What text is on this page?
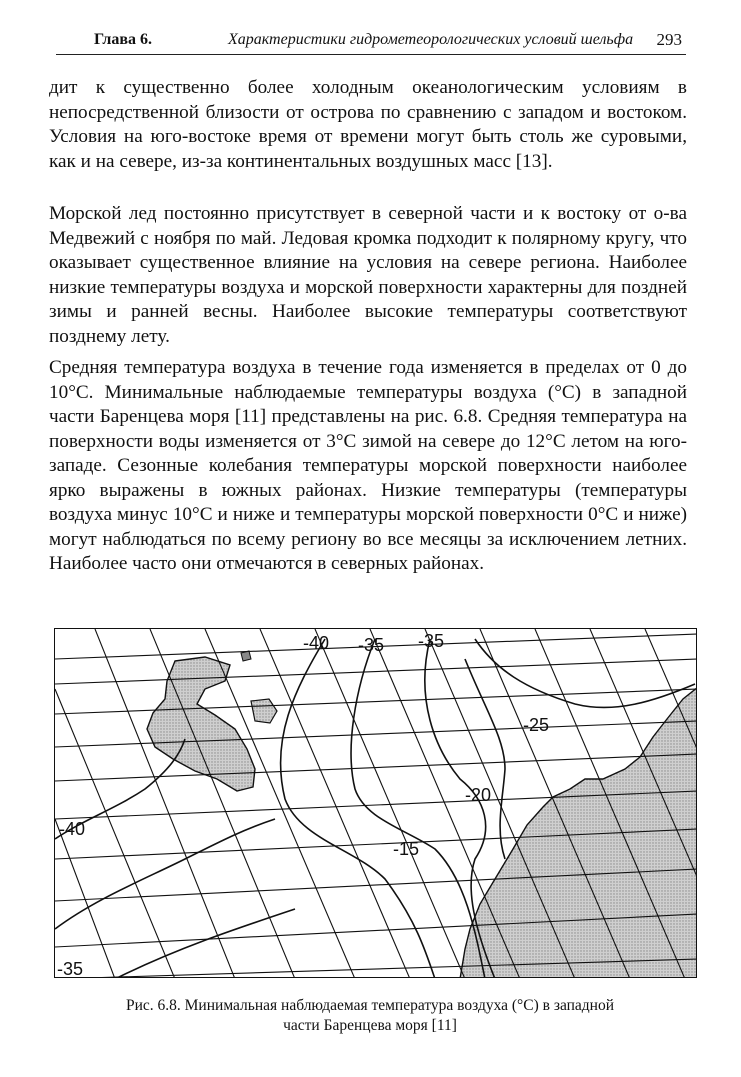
Глава 6.	Характеристики гидрометеорологических условий шельфа 293

дит к существенно более холодным океанологическим условиям в непосредственной близости от острова по сравнению с западом и востоком. Условия на юго-востоке время от времени могут быть столь же суровыми, как и на севере, из-за континентальных воздушных масс [13].

Морской лед постоянно присутствует в северной части и к востоку от о-ва Медвежий с ноября по май. Ледовая кромка подходит к полярному кругу, что оказывает существенное влияние на условия на севере региона. Наиболее низкие температуры воздуха и морской поверхности характерны для поздней зимы и ранней весны. Наиболее высокие температуры соответствуют позднему лету.

Средняя температура воздуха в течение года изменяется в пределах от 0 до 10°С. Минимальные наблюдаемые температуры воздуха (°С) в западной части Баренцева моря [11] представлены на рис. 6.8. Средняя температура на поверхности воды изменяется от 3°С зимой на севере до 12°С летом на юго-западе. Сезонные колебания температуры морской поверхности наиболее ярко выражены в южных районах. Низкие температуры (температуры воздуха минус 10°С и ниже и температуры морской поверхности 0°С и ниже) могут наблюдаться по всему региону во все месяцы за исключением летних. Наиболее часто они отмечаются в северных районах.

-40 -35 -35
-25
-20
-15
-40
-35
Рис. 6.8. Минимальная наблюдаемая температура воздуха (°С) в западной
части Баренцева моря [11]
